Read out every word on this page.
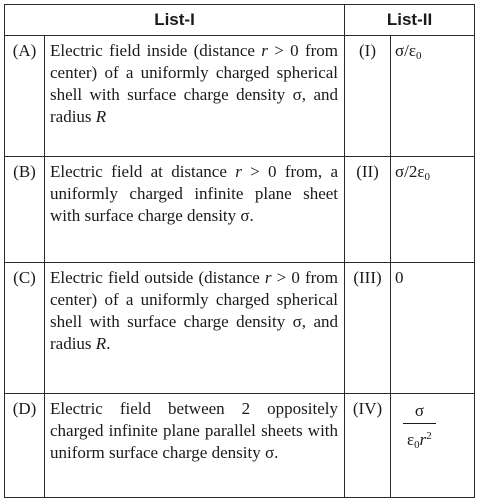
List-I		List-II	
(A)	Electric field inside (distance r > 0 from center) of a uniformly charged spherical shell with surface charge density σ, and radius R	(I)	$\sigma/\varepsilon_0$
(B)	Electric field at distance r > 0 from, a uniformly charged infinite plane sheet with surface charge density σ.	(II)	$\sigma/2\varepsilon_0$
(C)	Electric field outside (distance r > 0 from center) of a uniformly charged spherical shell with surface charge density σ, and radius R.	(III)	0
(D)	Electric field between 2 oppositely charged infinite plane parallel sheets with uniform surface charge density σ.	(IV)	$\frac{\sigma}{\varepsilon_0r^2}$
